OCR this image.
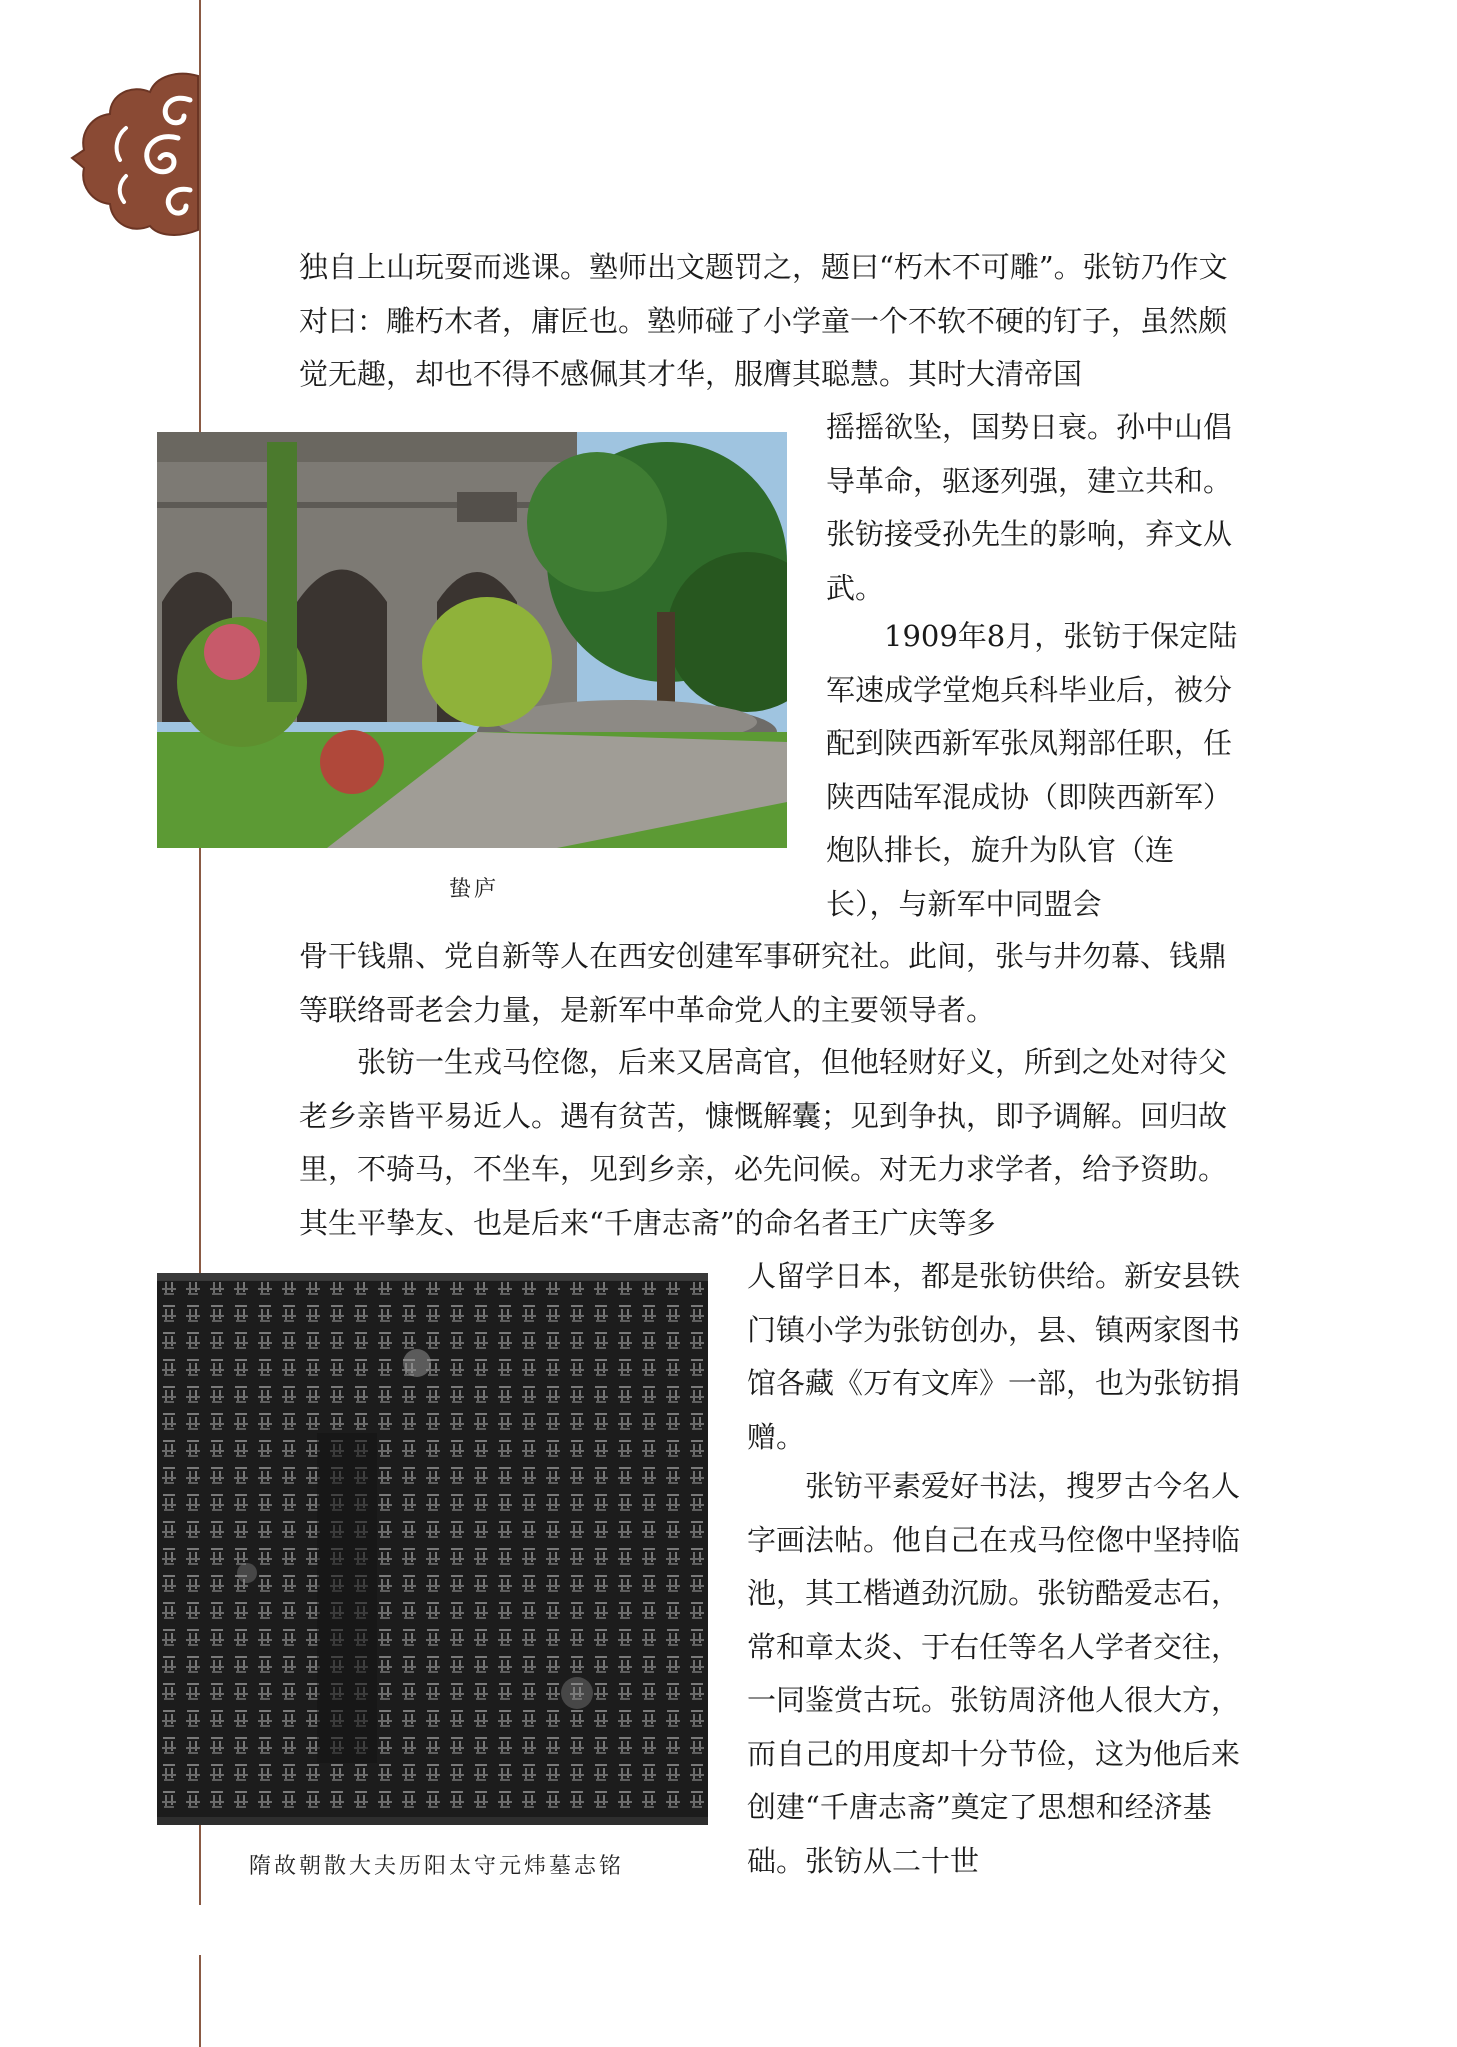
独自上山玩耍而逃课。塾师出文题罚之，题曰“朽木不可雕”。张钫乃作文对曰：雕朽木者，庸匠也。塾师碰了小学童一个不软不硬的钉子，虽然颇觉无趣，却也不得不感佩其才华，服膺其聪慧。其时大清帝国

摇摇欲坠，国势日衰。孙中山倡导革命，驱逐列强，建立共和。张钫接受孙先生的影响，弃文从武。

1909年8月，张钫于保定陆军速成学堂炮兵科毕业后，被分配到陕西新军张凤翔部任职，任陕西陆军混成协（即陕西新军）炮队排长，旋升为队官（连长），与新军中同盟会

骨干钱鼎、党自新等人在西安创建军事研究社。此间，张与井勿幕、钱鼎等联络哥老会力量，是新军中革命党人的主要领导者。

张钫一生戎马倥偬，后来又居高官，但他轻财好义，所到之处对待父老乡亲皆平易近人。遇有贫苦，慷慨解囊；见到争执，即予调解。回归故里，不骑马，不坐车，见到乡亲，必先问候。对无力求学者，给予资助。其生平挚友、也是后来“千唐志斋”的命名者王广庆等多

人留学日本，都是张钫供给。新安县铁门镇小学为张钫创办，县、镇两家图书馆各藏《万有文库》一部，也为张钫捐赠。

张钫平素爱好书法，搜罗古今名人字画法帖。他自己在戎马倥偬中坚持临池，其工楷遒劲沉励。张钫酷爱志石，常和章太炎、于右任等名人学者交往，一同鉴赏古玩。张钫周济他人很大方，而自己的用度却十分节俭，这为他后来创建“千唐志斋”奠定了思想和经济基础。张钫从二十世

蛰庐
隋故朝散大夫历阳太守元炜墓志铭
